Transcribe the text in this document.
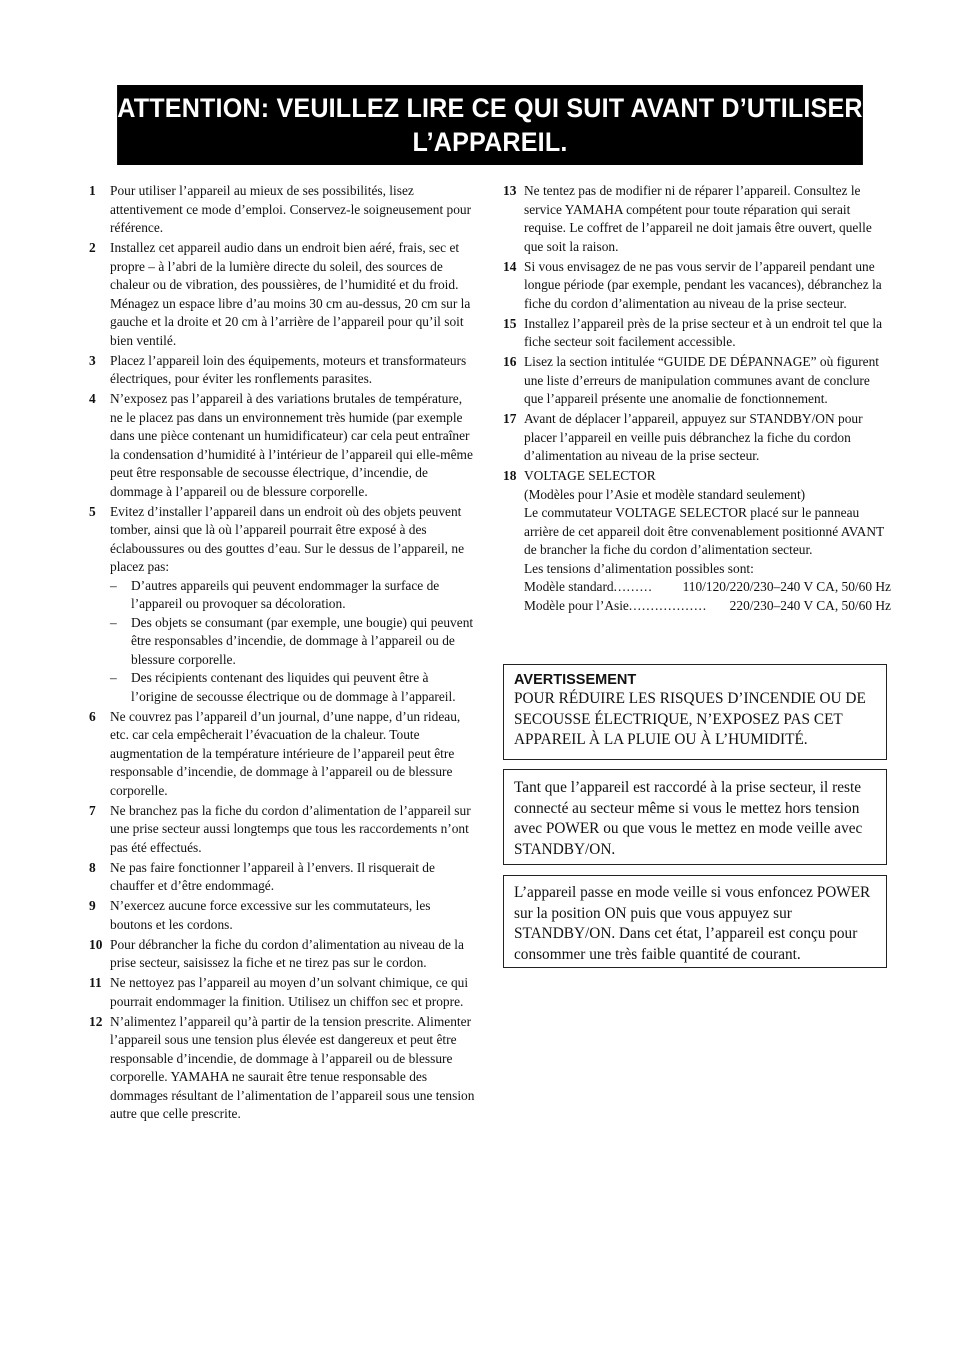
ATTENTION: VEUILLEZ LIRE CE QUI SUIT AVANT D’UTILISER
L’APPAREIL.
1	Pour utiliser l’appareil au mieux de ses possibilités, lisez attentivement ce mode d’emploi. Conservez-le soigneusement pour référence.
2	Installez cet appareil audio dans un endroit bien aéré, frais, sec et propre – à l’abri de la lumière directe du soleil, des sources de chaleur ou de vibration, des poussières, de l’humidité et du froid. Ménagez un espace libre d’au moins 30 cm au-dessus, 20 cm sur la gauche et la droite et 20 cm à l’arrière de l’appareil pour qu’il soit bien ventilé.
3	Placez l’appareil loin des équipements, moteurs et transformateurs électriques, pour éviter les ronflements parasites.
4	N’exposez pas l’appareil à des variations brutales de température, ne le placez pas dans un environnement très humide (par exemple dans une pièce contenant un humidificateur) car cela peut entraîner la condensation d’humidité à l’intérieur de l’appareil qui elle-même peut être responsable de secousse électrique, d’incendie, de dommage à l’appareil ou de blessure corporelle.
5	Evitez d’installer l’appareil dans un endroit où des objets peuvent tomber, ainsi que là où l’appareil pourrait être exposé à des éclaboussures ou des gouttes d’eau. Sur le dessus de l’appareil, ne placez pas:

–	D’autres appareils qui peuvent endommager la surface de l’appareil ou provoquer sa décoloration.
–	Des objets se consumant (par exemple, une bougie) qui peuvent être responsables d’incendie, de dommage à l’appareil ou de blessure corporelle.
–	Des récipients contenant des liquides qui peuvent être à l’origine de secousse électrique ou de dommage à l’appareil.
6	Ne couvrez pas l’appareil d’un journal, d’une nappe, d’un rideau, etc. car cela empêcherait l’évacuation de la chaleur. Toute augmentation de la température intérieure de l’appareil peut être responsable d’incendie, de dommage à l’appareil ou de blessure corporelle.
7	Ne branchez pas la fiche du cordon d’alimentation de l’appareil sur une prise secteur aussi longtemps que tous les raccordements n’ont pas été effectués.
8	Ne pas faire fonctionner l’appareil à l’envers. Il risquerait de chauffer et d’être endommagé.
9	N’exercez aucune force excessive sur les commutateurs, les boutons et les cordons.
10 Pour débrancher la fiche du cordon d’alimentation au niveau de la prise secteur, saisissez la fiche et ne tirez pas sur le cordon.
11 Ne nettoyez pas l’appareil au moyen d’un solvant chimique, ce qui pourrait endommager la finition. Utilisez un chiffon sec et propre.
12 N’alimentez l’appareil qu’à partir de la tension prescrite. Alimenter l’appareil sous une tension plus élevée est dangereux et peut être responsable d’incendie, de dommage à l’appareil ou de blessure corporelle. YAMAHA ne saurait être tenue responsable des dommages résultant de l’alimentation de l’appareil sous une tension autre que celle prescrite.
13 Ne tentez pas de modifier ni de réparer l’appareil. Consultez le service YAMAHA compétent pour toute réparation qui serait requise. Le coffret de l’appareil ne doit jamais être ouvert, quelle que soit la raison.
14 Si vous envisagez de ne pas vous servir de l’appareil pendant une longue période (par exemple, pendant les vacances), débranchez la fiche du cordon d’alimentation au niveau de la prise secteur.
15 Installez l’appareil près de la prise secteur et à un endroit tel que la fiche secteur soit facilement accessible.
16 Lisez la section intitulée “GUIDE DE DÉPANNAGE” où figurent une liste d’erreurs de manipulation communes avant de conclure que l’appareil présente une anomalie de fonctionnement.
17 Avant de déplacer l’appareil, appuyez sur STANDBY/ON pour placer l’appareil en veille puis débranchez la fiche du cordon d’alimentation au niveau de la prise secteur.
18 VOLTAGE SELECTOR

(Modèles pour l’Asie et modèle standard seulement)

Le commutateur VOLTAGE SELECTOR placé sur le panneau arrière de cet appareil doit être convenablement positionné AVANT de brancher la fiche du cordon d’alimentation secteur.

Les tensions d’alimentation possibles sont:

Modèle standard .........	110/120/220/230–240 V CA, 50/60 Hz
Modèle pour l’Asie ..................	220/230–240 V CA, 50/60 Hz
AVERTISSEMENT
POUR RÉDUIRE LES RISQUES D’INCENDIE OU DE SECOUSSE ÉLECTRIQUE, N’EXPOSEZ PAS CET APPAREIL À LA PLUIE OU À L’HUMIDITÉ.
Tant que l’appareil est raccordé à la prise secteur, il reste connecté au secteur même si vous le mettez hors tension avec POWER ou que vous le mettez en mode veille avec STANDBY/ON.
L’appareil passe en mode veille si vous enfoncez POWER sur la position ON puis que vous appuyez sur STANDBY/ON. Dans cet état, l’appareil est conçu pour consommer une très faible quantité de courant.
